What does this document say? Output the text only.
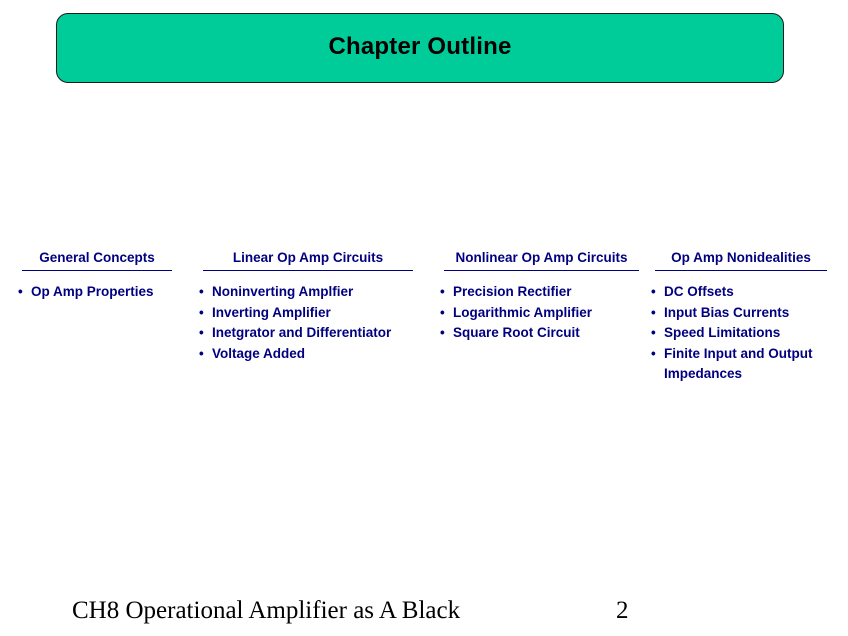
Chapter Outline
General Concepts
• Op Amp Properties
Linear Op Amp Circuits
• Noninverting Amplfier
• Inverting Amplifier
• Inetgrator and Differentiator
• Voltage Added
Nonlinear Op Amp Circuits
• Precision Rectifier
• Logarithmic Amplifier
• Square Root Circuit
Op Amp Nonidealities
• DC Offsets
• Input Bias Currents
• Speed Limitations
• Finite Input and Output Impedances
CH8 Operational Amplifier as A Black	2
